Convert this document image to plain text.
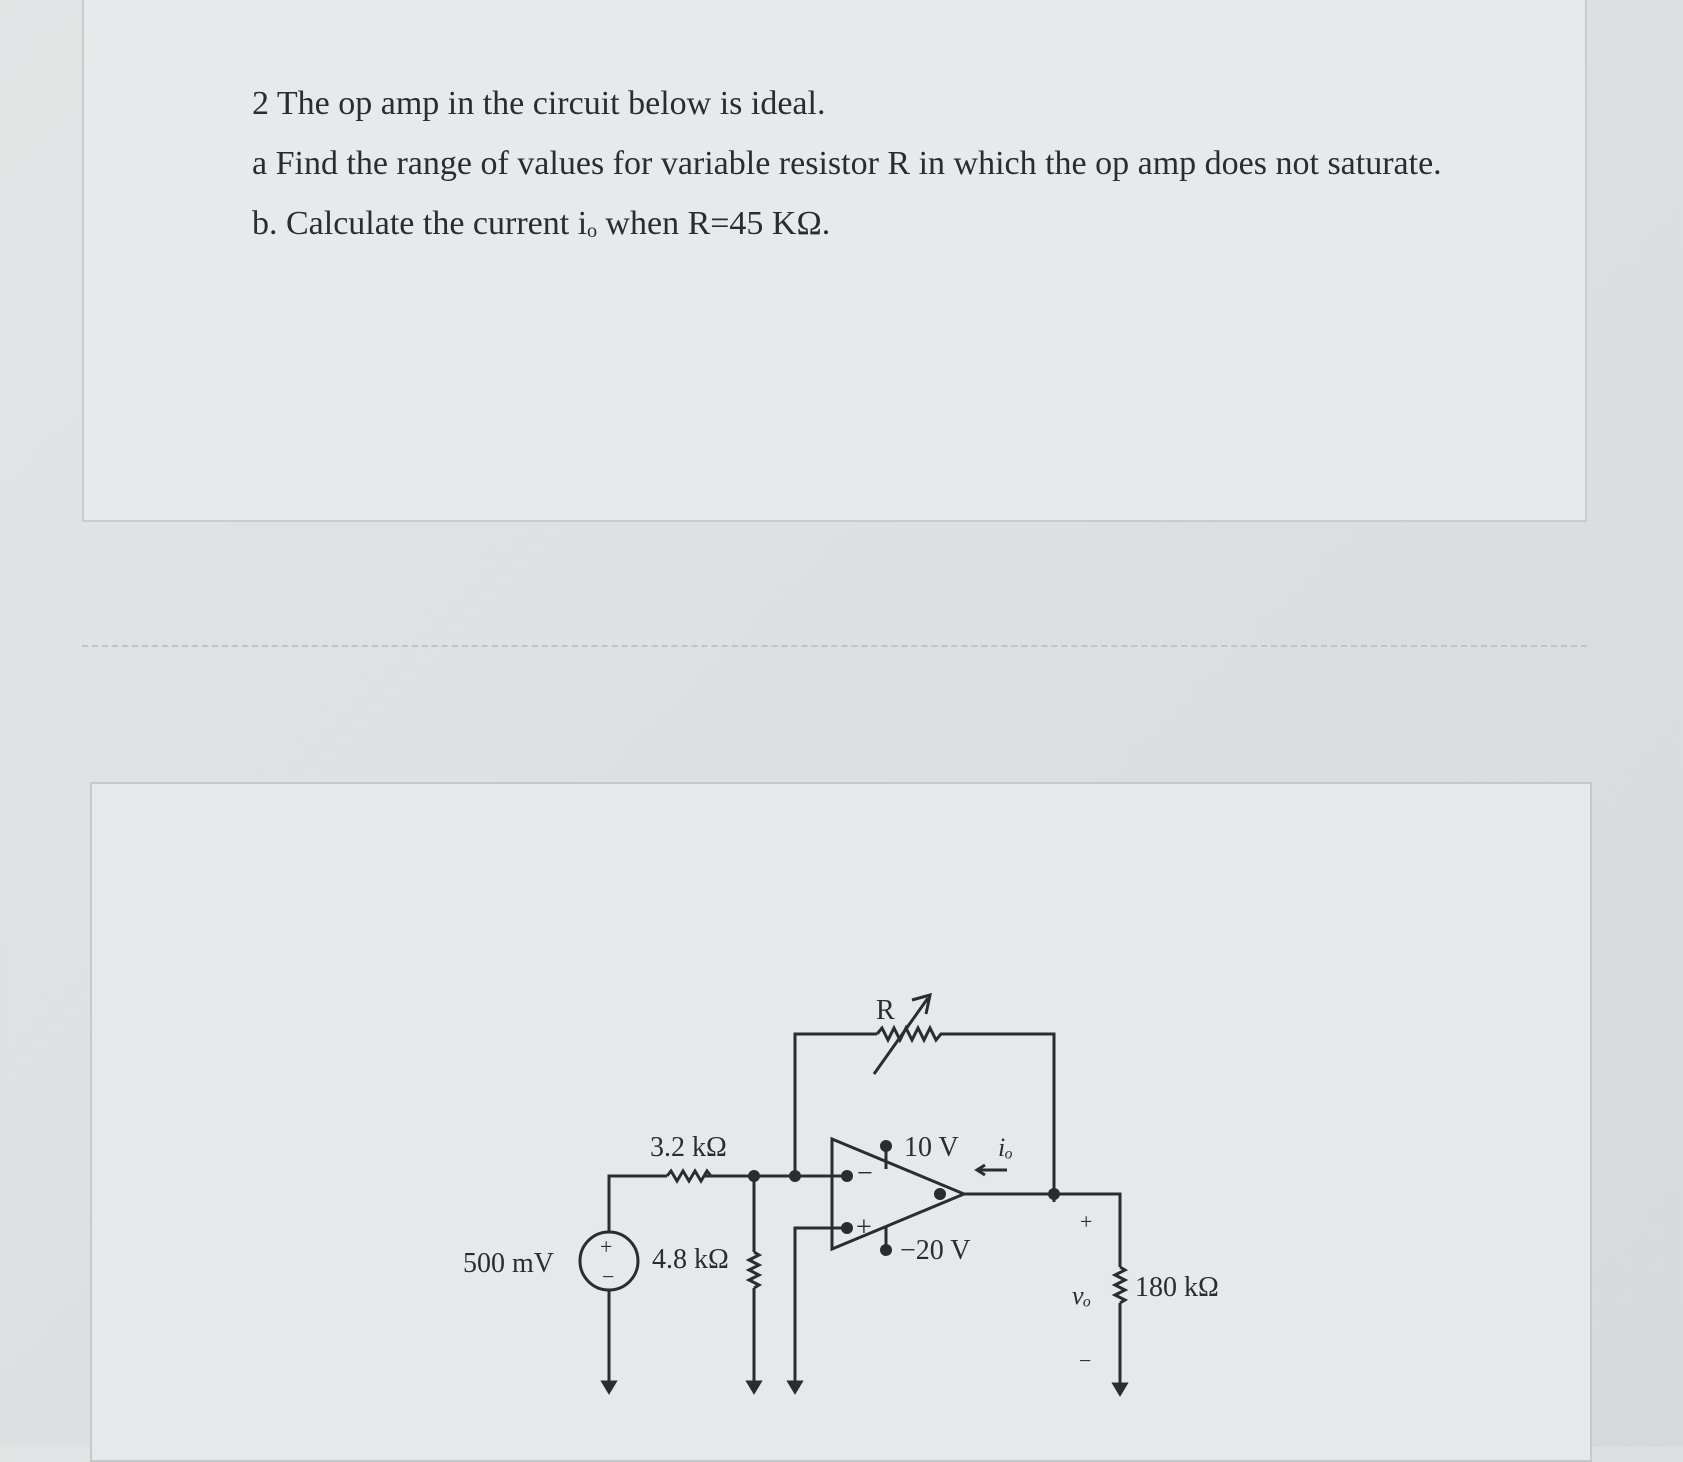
2 The op amp in the circuit below is ideal.
a Find the range of values for variable resistor R in which the op amp does not saturate.
b. Calculate the current iₒ when R=45 KΩ.
R
3.2 kΩ
+
−
500 mV	4.8 kΩ
−
+
10 V
−20 V
iₒ
180 kΩ
+
vₒ
−
